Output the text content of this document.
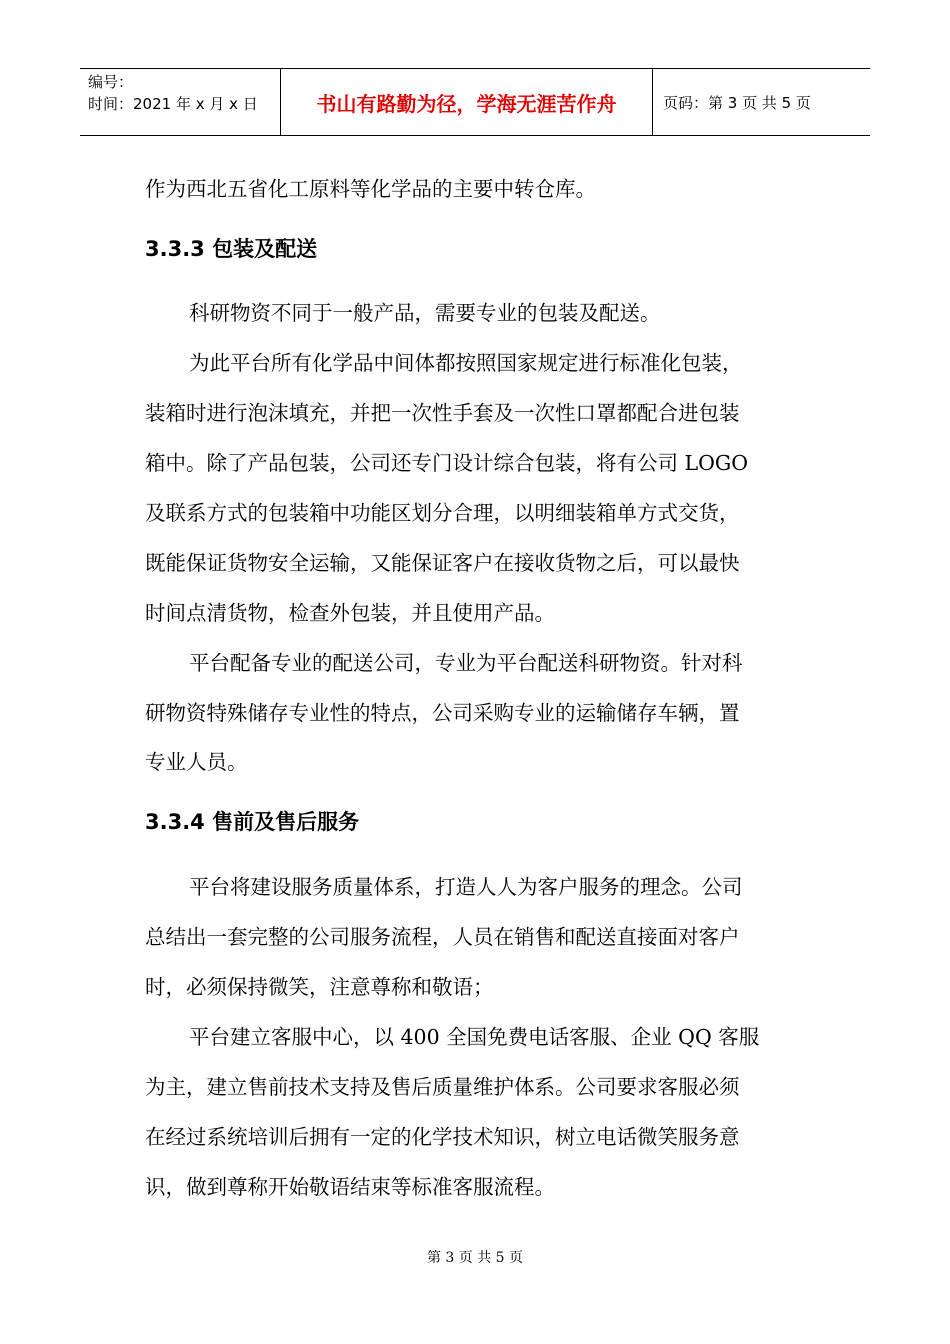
编号：
时间：2021 年 x 月 x 日	书山有路勤为径，学海无涯苦作舟	页码：第 3 页 共 5 页
作为西北五省化工原料等化学品的主要中转仓库。
3.3.3 包装及配送
科研物资不同于一般产品，需要专业的包装及配送。
为此平台所有化学品中间体都按照国家规定进行标准化包装，
装箱时进行泡沫填充，并把一次性手套及一次性口罩都配合进包装
箱中。除了产品包装，公司还专门设计综合包装，将有公司 LOGO
及联系方式的包装箱中功能区划分合理，以明细装箱单方式交货，
既能保证货物安全运输，又能保证客户在接收货物之后，可以最快
时间点清货物，检查外包装，并且使用产品。
平台配备专业的配送公司，专业为平台配送科研物资。针对科
研物资特殊储存专业性的特点，公司采购专业的运输储存车辆，置
专业人员。
3.3.4 售前及售后服务
平台将建设服务质量体系，打造人人为客户服务的理念。公司
总结出一套完整的公司服务流程，人员在销售和配送直接面对客户
时，必须保持微笑，注意尊称和敬语；
平台建立客服中心，以 400 全国免费电话客服、企业 QQ 客服
为主，建立售前技术支持及售后质量维护体系。公司要求客服必须
在经过系统培训后拥有一定的化学技术知识，树立电话微笑服务意
识，做到尊称开始敬语结束等标准客服流程。
第 3 页 共 5 页
